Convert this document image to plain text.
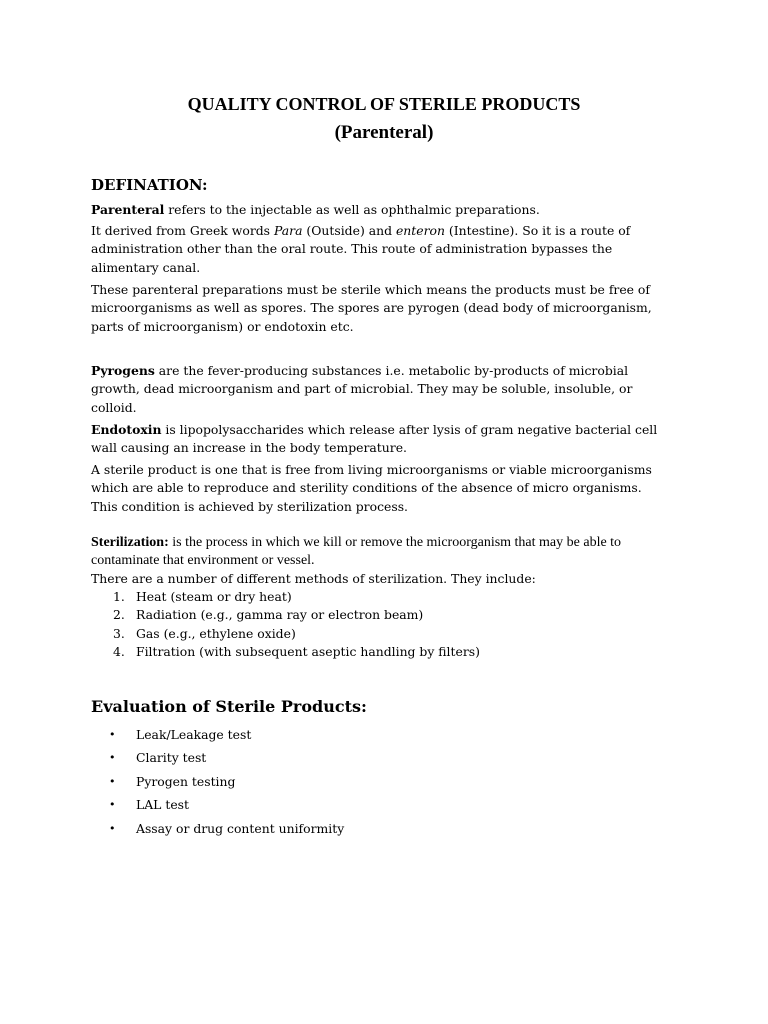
QUALITY CONTROL OF STERILE PRODUCTS
(Parenteral)
DEFINATION:
Parenteral refers to the injectable as well as ophthalmic preparations.
It derived from Greek words Para (Outside) and enteron (Intestine). So it is a route of administration other than the oral route. This route of administration bypasses the alimentary canal.
These parenteral preparations must be sterile which means the products must be free of microorganisms as well as spores. The spores are pyrogen (dead body of microorganism, parts of microorganism) or endotoxin etc.
Pyrogens are the fever-producing substances i.e. metabolic by-products of microbial growth, dead microorganism and part of microbial. They may be soluble, insoluble, or colloid.
Endotoxin is lipopolysaccharides which release after lysis of gram negative bacterial cell wall causing an increase in the body temperature.
A sterile product is one that is free from living microorganisms or viable microorganisms which are able to reproduce and sterility conditions of the absence of micro organisms. This condition is achieved by sterilization process.
Sterilization: is the process in which we kill or remove the microorganism that may be able to contaminate that environment or vessel.
There are a number of different methods of sterilization. They include:
1. Heat (steam or dry heat)
2. Radiation (e.g., gamma ray or electron beam)
3. Gas (e.g., ethylene oxide)
4. Filtration (with subsequent aseptic handling by filters)
Evaluation of Sterile Products:
• Leak/Leakage test
• Clarity test
• Pyrogen testing
• LAL test
• Assay or drug content uniformity
